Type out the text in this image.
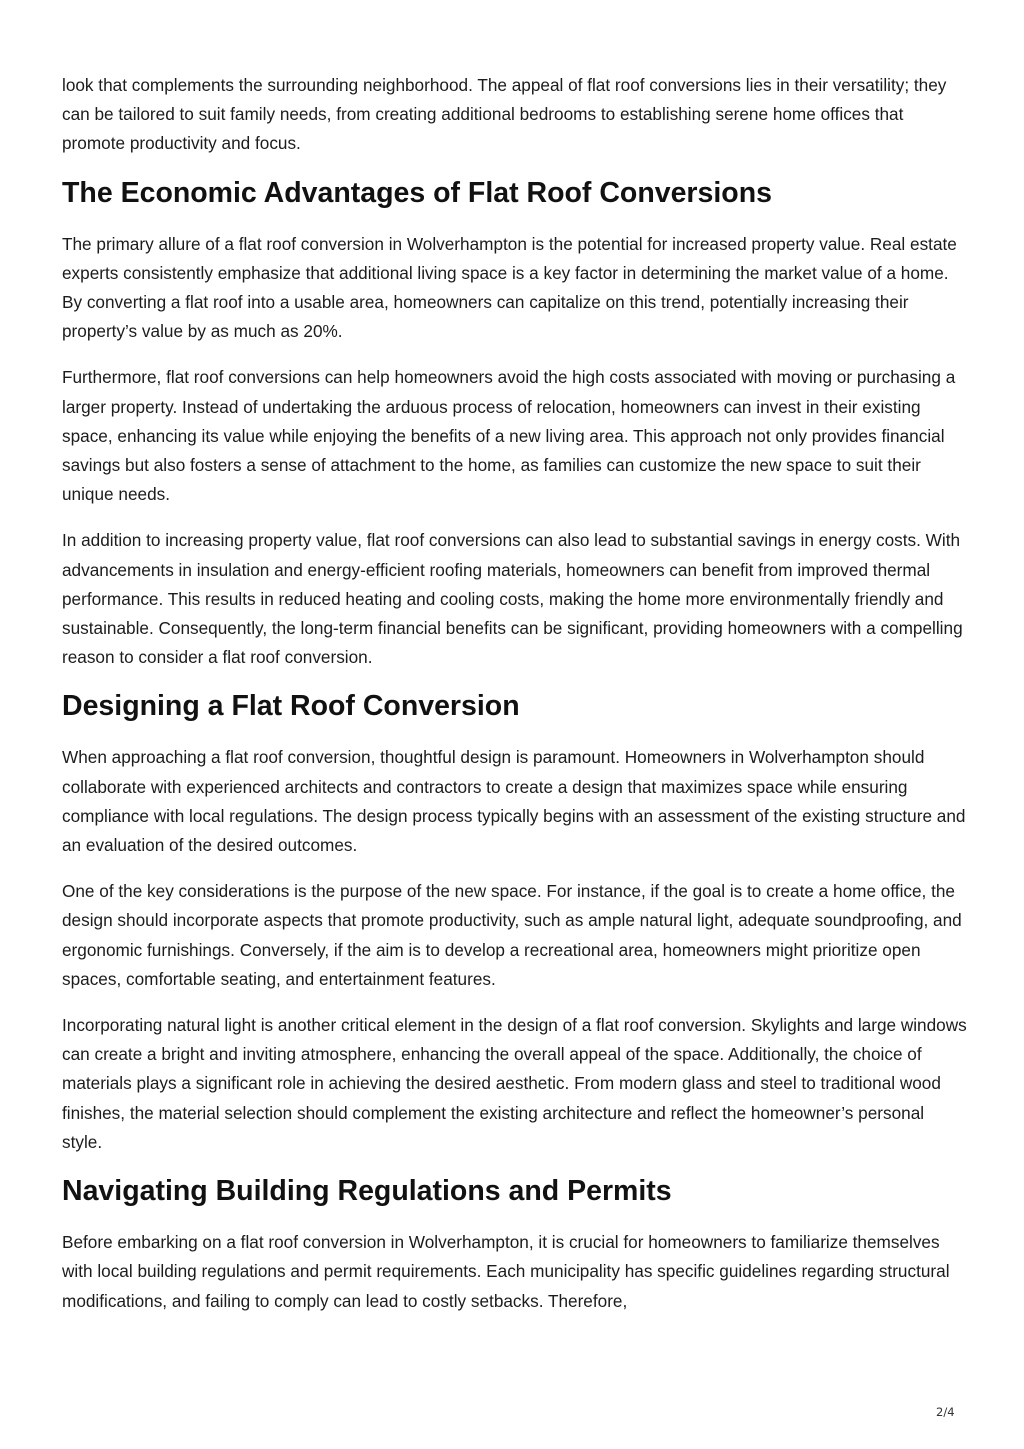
look that complements the surrounding neighborhood. The appeal of flat roof conversions lies in their versatility; they can be tailored to suit family needs, from creating additional bedrooms to establishing serene home offices that promote productivity and focus.

The Economic Advantages of Flat Roof Conversions

The primary allure of a flat roof conversion in Wolverhampton is the potential for increased property value. Real estate experts consistently emphasize that additional living space is a key factor in determining the market value of a home. By converting a flat roof into a usable area, homeowners can capitalize on this trend, potentially increasing their property’s value by as much as 20%.

Furthermore, flat roof conversions can help homeowners avoid the high costs associated with moving or purchasing a larger property. Instead of undertaking the arduous process of relocation, homeowners can invest in their existing space, enhancing its value while enjoying the benefits of a new living area. This approach not only provides financial savings but also fosters a sense of attachment to the home, as families can customize the new space to suit their unique needs.

In addition to increasing property value, flat roof conversions can also lead to substantial savings in energy costs. With advancements in insulation and energy-efficient roofing materials, homeowners can benefit from improved thermal performance. This results in reduced heating and cooling costs, making the home more environmentally friendly and sustainable. Consequently, the long-term financial benefits can be significant, providing homeowners with a compelling reason to consider a flat roof conversion.

Designing a Flat Roof Conversion

When approaching a flat roof conversion, thoughtful design is paramount. Homeowners in Wolverhampton should collaborate with experienced architects and contractors to create a design that maximizes space while ensuring compliance with local regulations. The design process typically begins with an assessment of the existing structure and an evaluation of the desired outcomes.

One of the key considerations is the purpose of the new space. For instance, if the goal is to create a home office, the design should incorporate aspects that promote productivity, such as ample natural light, adequate soundproofing, and ergonomic furnishings. Conversely, if the aim is to develop a recreational area, homeowners might prioritize open spaces, comfortable seating, and entertainment features.

Incorporating natural light is another critical element in the design of a flat roof conversion. Skylights and large windows can create a bright and inviting atmosphere, enhancing the overall appeal of the space. Additionally, the choice of materials plays a significant role in achieving the desired aesthetic. From modern glass and steel to traditional wood finishes, the material selection should complement the existing architecture and reflect the homeowner’s personal style.

Navigating Building Regulations and Permits

Before embarking on a flat roof conversion in Wolverhampton, it is crucial for homeowners to familiarize themselves with local building regulations and permit requirements. Each municipality has specific guidelines regarding structural modifications, and failing to comply can lead to costly setbacks. Therefore,

2/4
